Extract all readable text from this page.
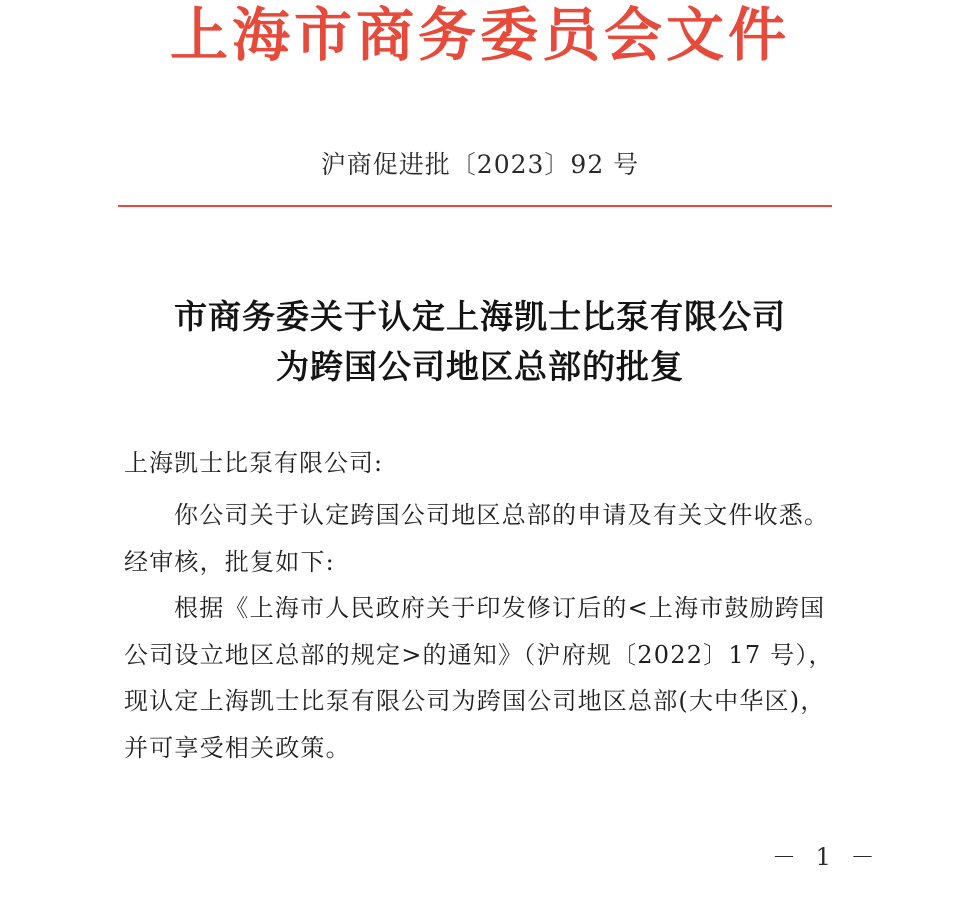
上海市商务委员会文件
沪商促进批〔2023〕92 号
市商务委关于认定上海凯士比泵有限公司
为跨国公司地区总部的批复
上海凯士比泵有限公司:
你公司关于认定跨国公司地区总部的申请及有关文件收悉。
经审核，批复如下:
根据《上海市人民政府关于印发修订后的<上海市鼓励跨国
公司设立地区总部的规定>的通知》（沪府规〔2022〕17 号），
现认定上海凯士比泵有限公司为跨国公司地区总部(大中华区)，
并可享受相关政策。
－ 1 －
